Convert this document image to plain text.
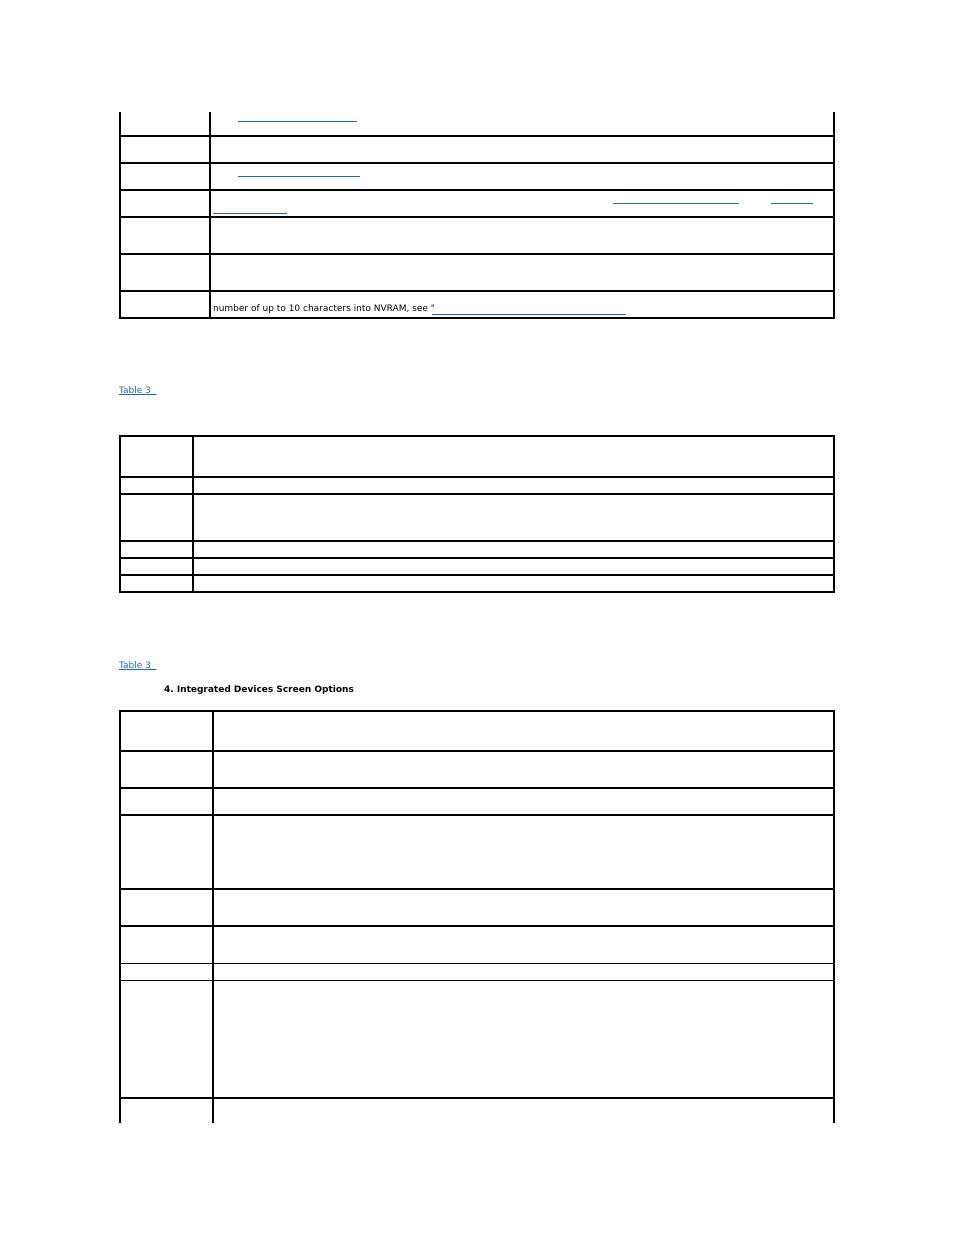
number of up to 10 characters into NVRAM, see "
Table 3
Table 3
4. Integrated Devices Screen Options
